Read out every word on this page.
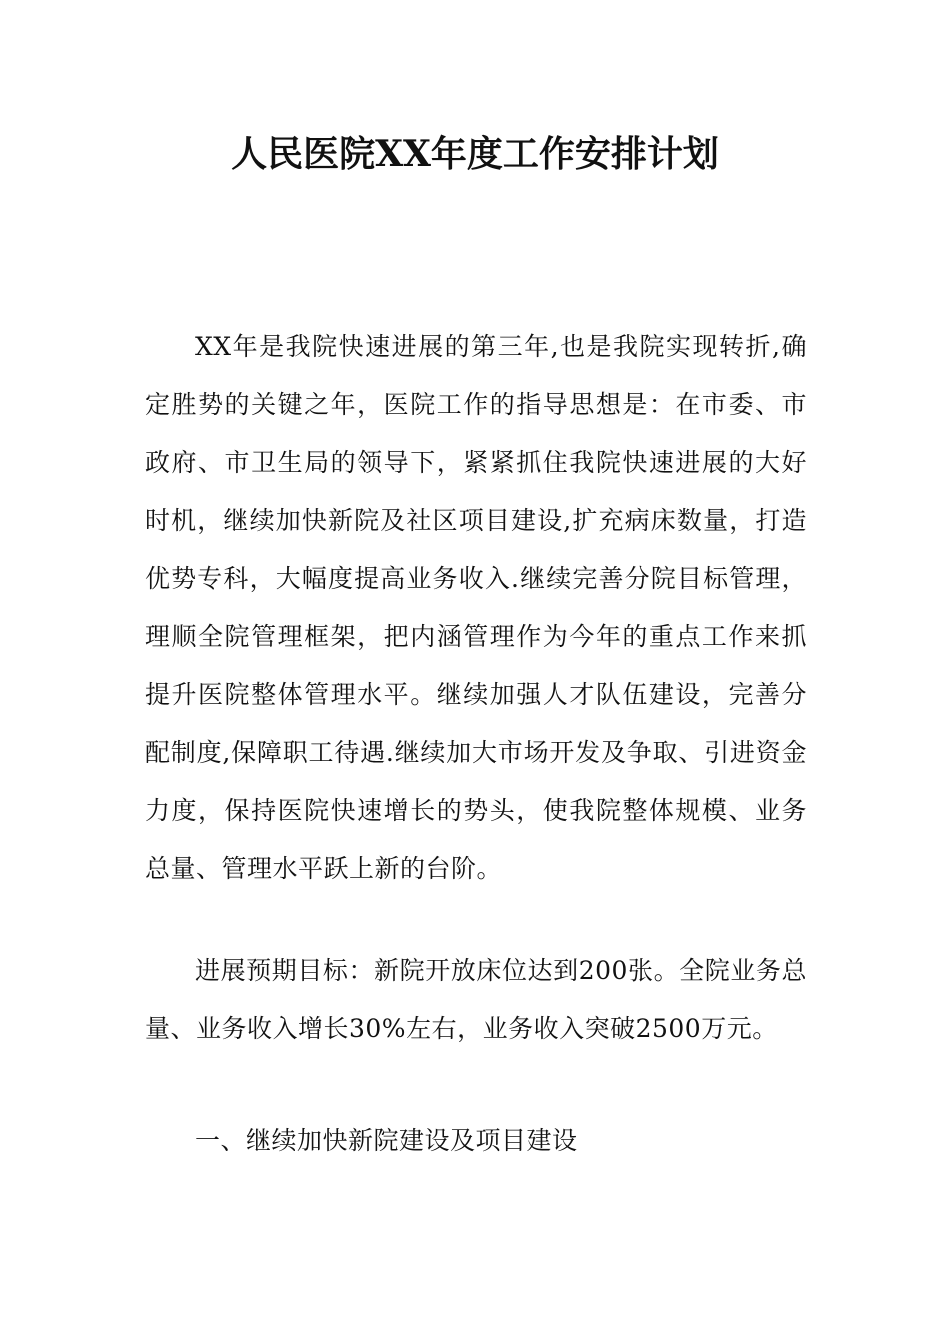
人民医院XX年度工作安排计划

XX年是我院快速进展的第三年,也是我院实现转折,确定胜势的关键之年，医院工作的指导思想是：在市委、市政府、市卫生局的领导下，紧紧抓住我院快速进展的大好时机，继续加快新院及社区项目建设,扩充病床数量，打造优势专科，大幅度提高业务收入.继续完善分院目标管理，理顺全院管理框架，把内涵管理作为今年的重点工作来抓提升医院整体管理水平。继续加强人才队伍建设，完善分配制度,保障职工待遇.继续加大市场开发及争取、引进资金力度，保持医院快速增长的势头，使我院整体规模、业务总量、管理水平跃上新的台阶。

进展预期目标：新院开放床位达到200张。全院业务总量、业务收入增长30%左右，业务收入突破2500万元。

一、继续加快新院建设及项目建设
